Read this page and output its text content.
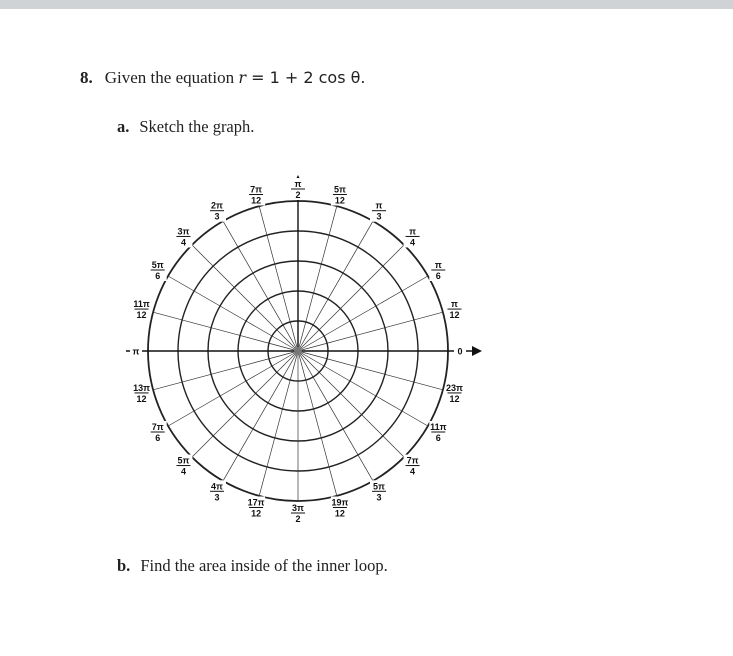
8. Given the equation r = 1 + 2 cos θ.
a. Sketch the graph.
0
π
12
π
6
π
4
π
3
5π
12
π
2
7π
12
2π
3
3π
4
5π
6
11π
12
π
13π
12
7π
6
5π
4
4π
3
17π
12
3π
2
19π
12
5π
3
7π
4
11π
6
23π
12
b. Find the area inside of the inner loop.
